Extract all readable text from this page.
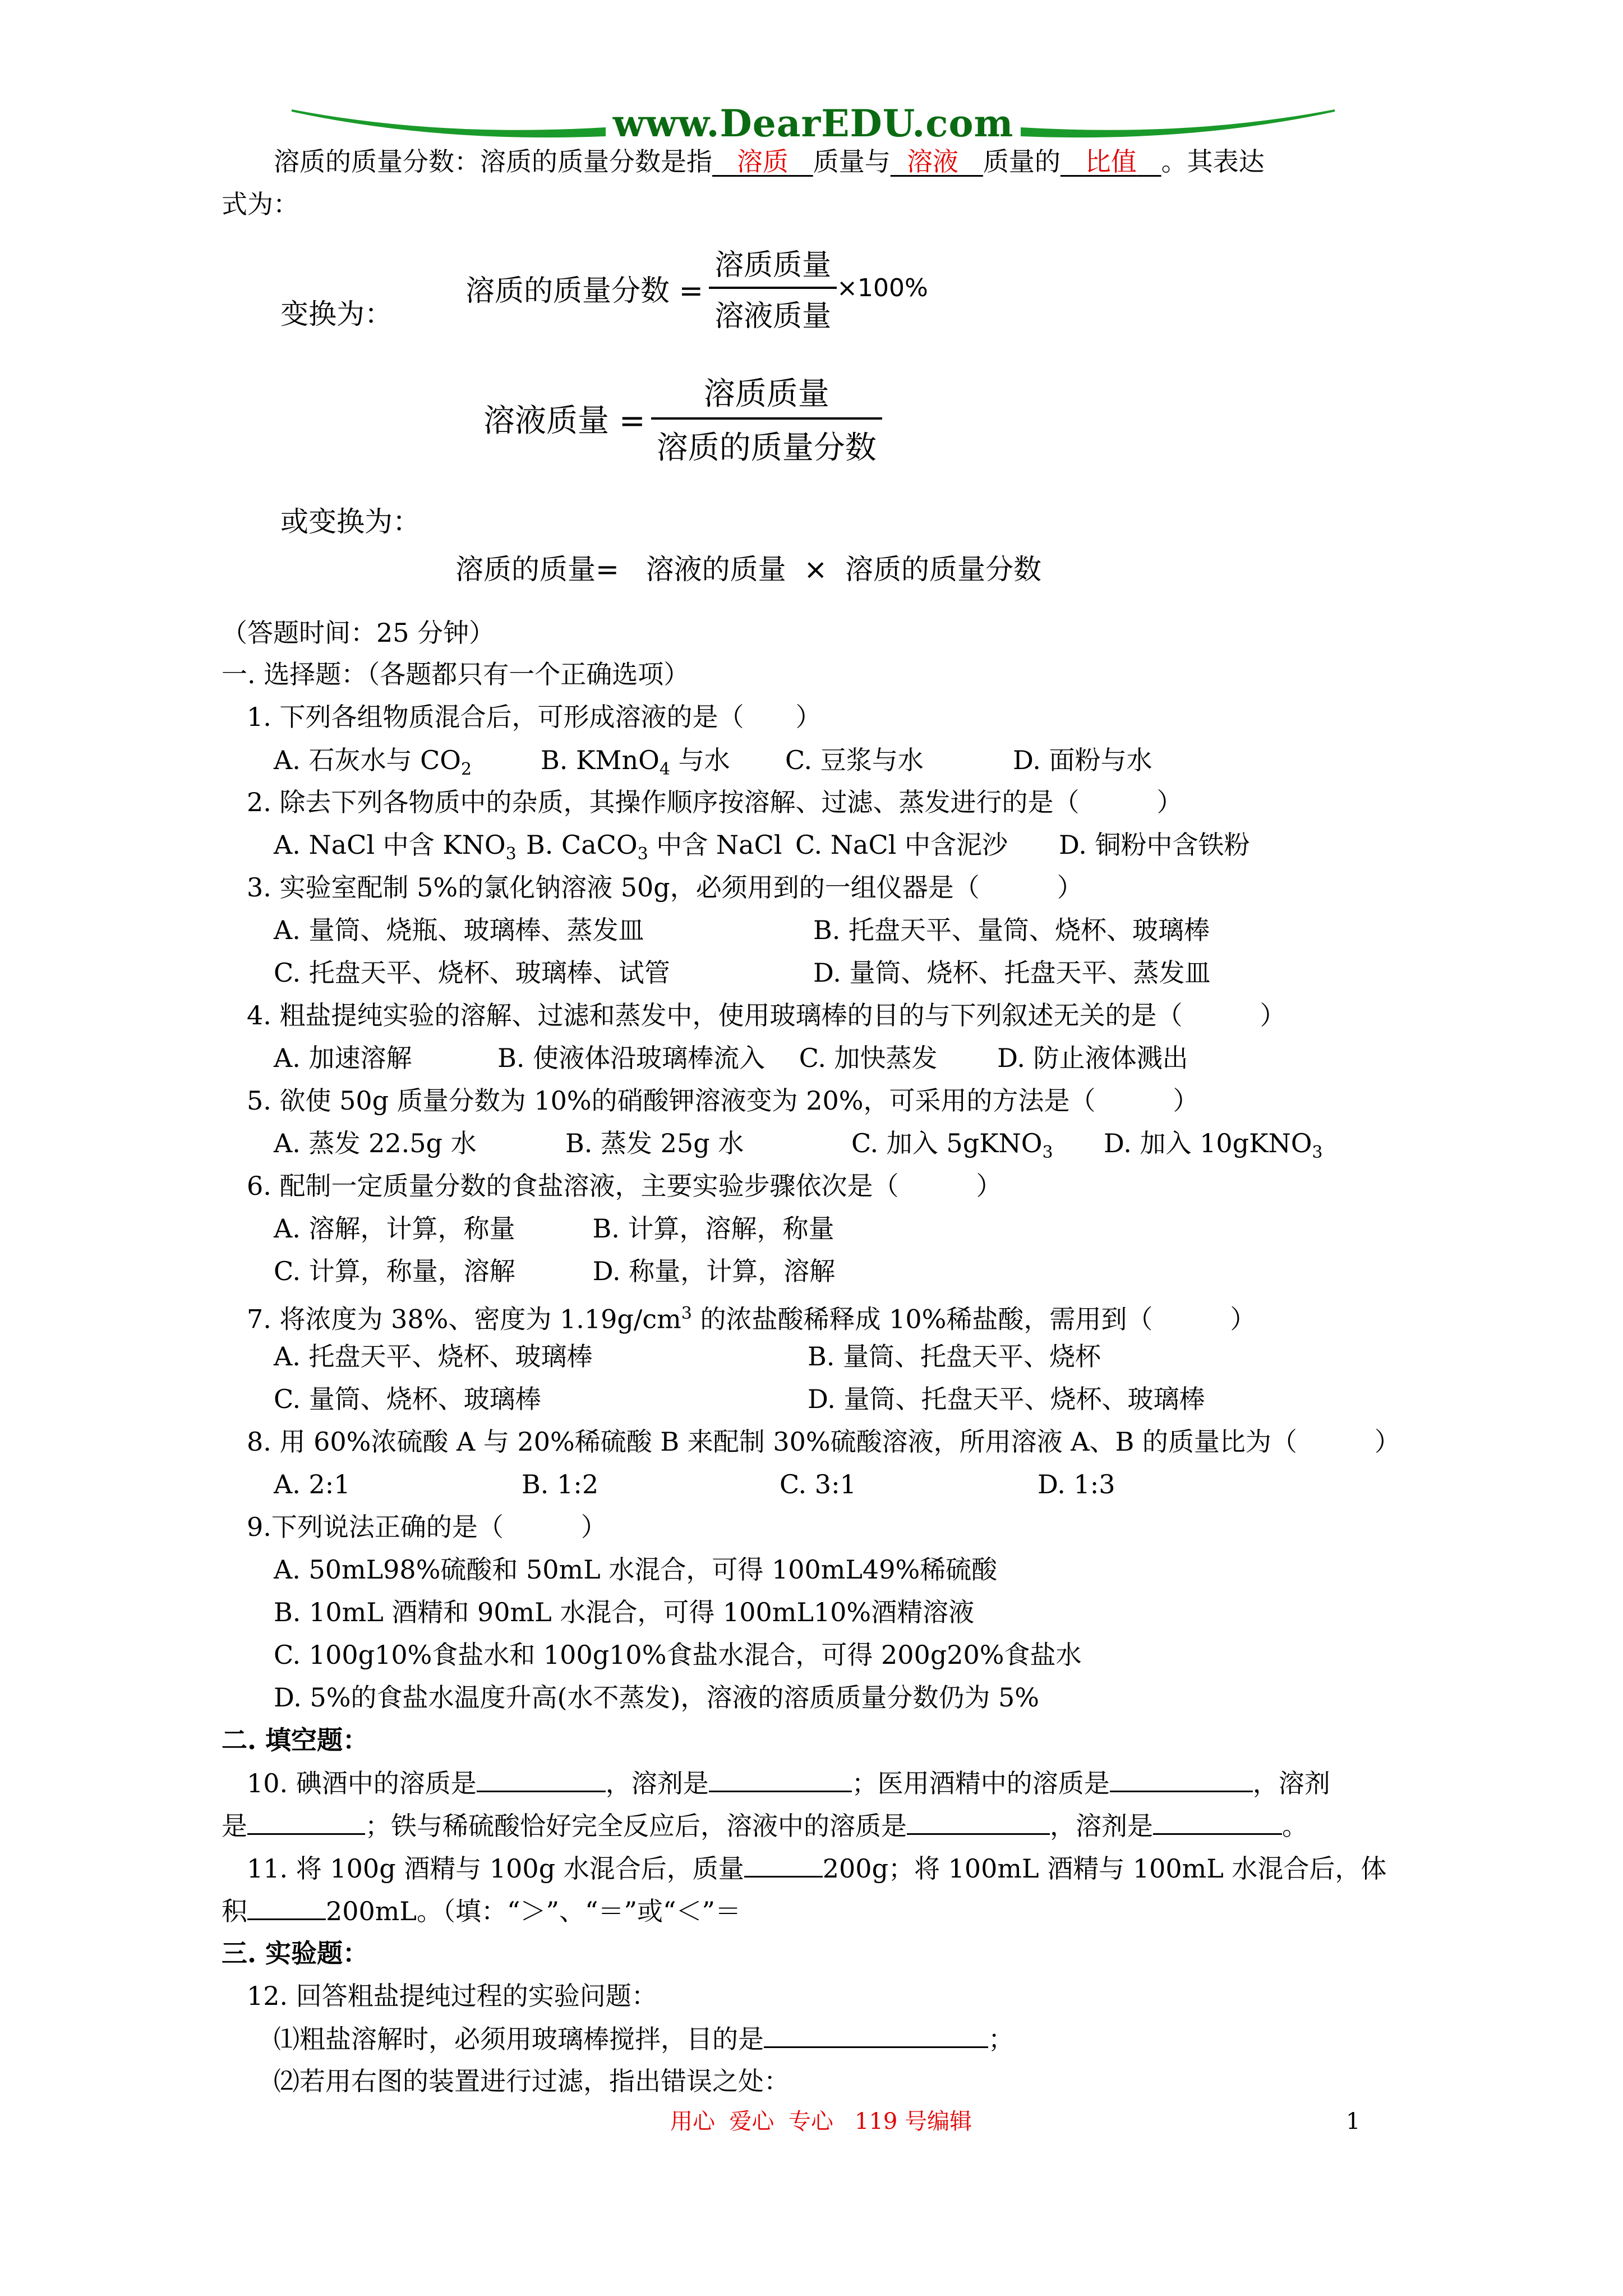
www.DearEDU.com
溶质的质量分数：溶质的质量分数是指 溶质 质量与 溶液 质量的 比值 。其表达
式为：
变换为：
溶质的质量分数 = $\frac{\text{溶质质量}}{\text{溶液质量}} \times 100\%$
溶液质量 = $\frac{\text{溶质质量}}{\text{溶质的质量分数}}$
或变换为：
溶质的质量=   溶液的质量  ×  溶质的质量分数
（答题时间：25 分钟）
一. 选择题：（各题都只有一个正确选项）
1. 下列各组物质混合后，可形成溶液的是（　　）
A. 石灰水与 $CO_2$	B. KMnO$_4$ 与水 C. 豆浆与水	D. 面粉与水
2. 除去下列各物质中的杂质，其操作顺序按溶解、过滤、蒸发进行的是（　　　）
A. NaCl 中含 $KNO_3$ B. CaCO$_3$ 中含 NaCl C. NaCl 中含泥沙 D. 铜粉中含铁粉
3. 实验室配制 5%的氯化钠溶液 50g，必须用到的一组仪器是（　　　）
A. 量筒、烧瓶、玻璃棒、蒸发皿	B. 托盘天平、量筒、烧杯、玻璃棒
C. 托盘天平、烧杯、玻璃棒、试管	D. 量筒、烧杯、托盘天平、蒸发皿
4. 粗盐提纯实验的溶解、过滤和蒸发中，使用玻璃棒的目的与下列叙述无关的是（　　　）
A. 加速溶解　　　 B. 使液体沿玻璃棒流入　 C. 加快蒸发　　 D. 防止液体溅出
5. 欲使 50g 质量分数为 10%的硝酸钾溶液变为 20%，可采用的方法是（　　　）
A. 蒸发 22.5g 水	B. 蒸发 25g 水	C. 加入 5gKNO$_3$ D. 加入 10gKNO$_3$
6. 配制一定质量分数的食盐溶液，主要实验步骤依次是（　　　）
A. 溶解，计算，称量　　　B. 计算，溶解，称量
C. 计算，称量，溶解　　　D. 称量，计算，溶解
7. 将浓度为 38%、密度为 $1.19g/cm^3$ 的浓盐酸稀释成 10%稀盐酸，需用到（　　　）
A. 托盘天平、烧杯、玻璃棒	B. 量筒、托盘天平、烧杯
C. 量筒、烧杯、玻璃棒	D. 量筒、托盘天平、烧杯、玻璃棒
8. 用 60%浓硫酸 A 与 20%稀硫酸 B 来配制 30%硫酸溶液，所用溶液 A、B 的质量比为（　　　）
A. 2:1	B. 1:2	C. 3:1	D. 1:3
9.下列说法正确的是（　　　）
A. 50mL98%硫酸和 50mL 水混合，可得 100mL49%稀硫酸
B. 10mL 酒精和 90mL 水混合，可得 100mL10%酒精溶液
C. 100g10%食盐水和 100g10%食盐水混合，可得 200g20%食盐水
D. 5%的食盐水温度升高(水不蒸发)，溶液的溶质质量分数仍为 5%
二. 填空题：
10. 碘酒中的溶质是	，溶剂是	；医用酒精中的溶质是	，溶剂
是	；铁与稀硫酸恰好完全反应后，溶液中的溶质是	，溶剂是	。
11. 将 100g 酒精与 100g 水混合后，质量	200g；将 100mL 酒精与 100mL 水混合后，体
积	200mL。（填：“＞”、“＝”或“＜”＝
三. 实验题：
12. 回答粗盐提纯过程的实验问题：
⑴粗盐溶解时，必须用玻璃棒搅拌，目的是	；
⑵若用右图的装置进行过滤，指出错误之处：
用心  爱心  专心   119 号编辑	1
